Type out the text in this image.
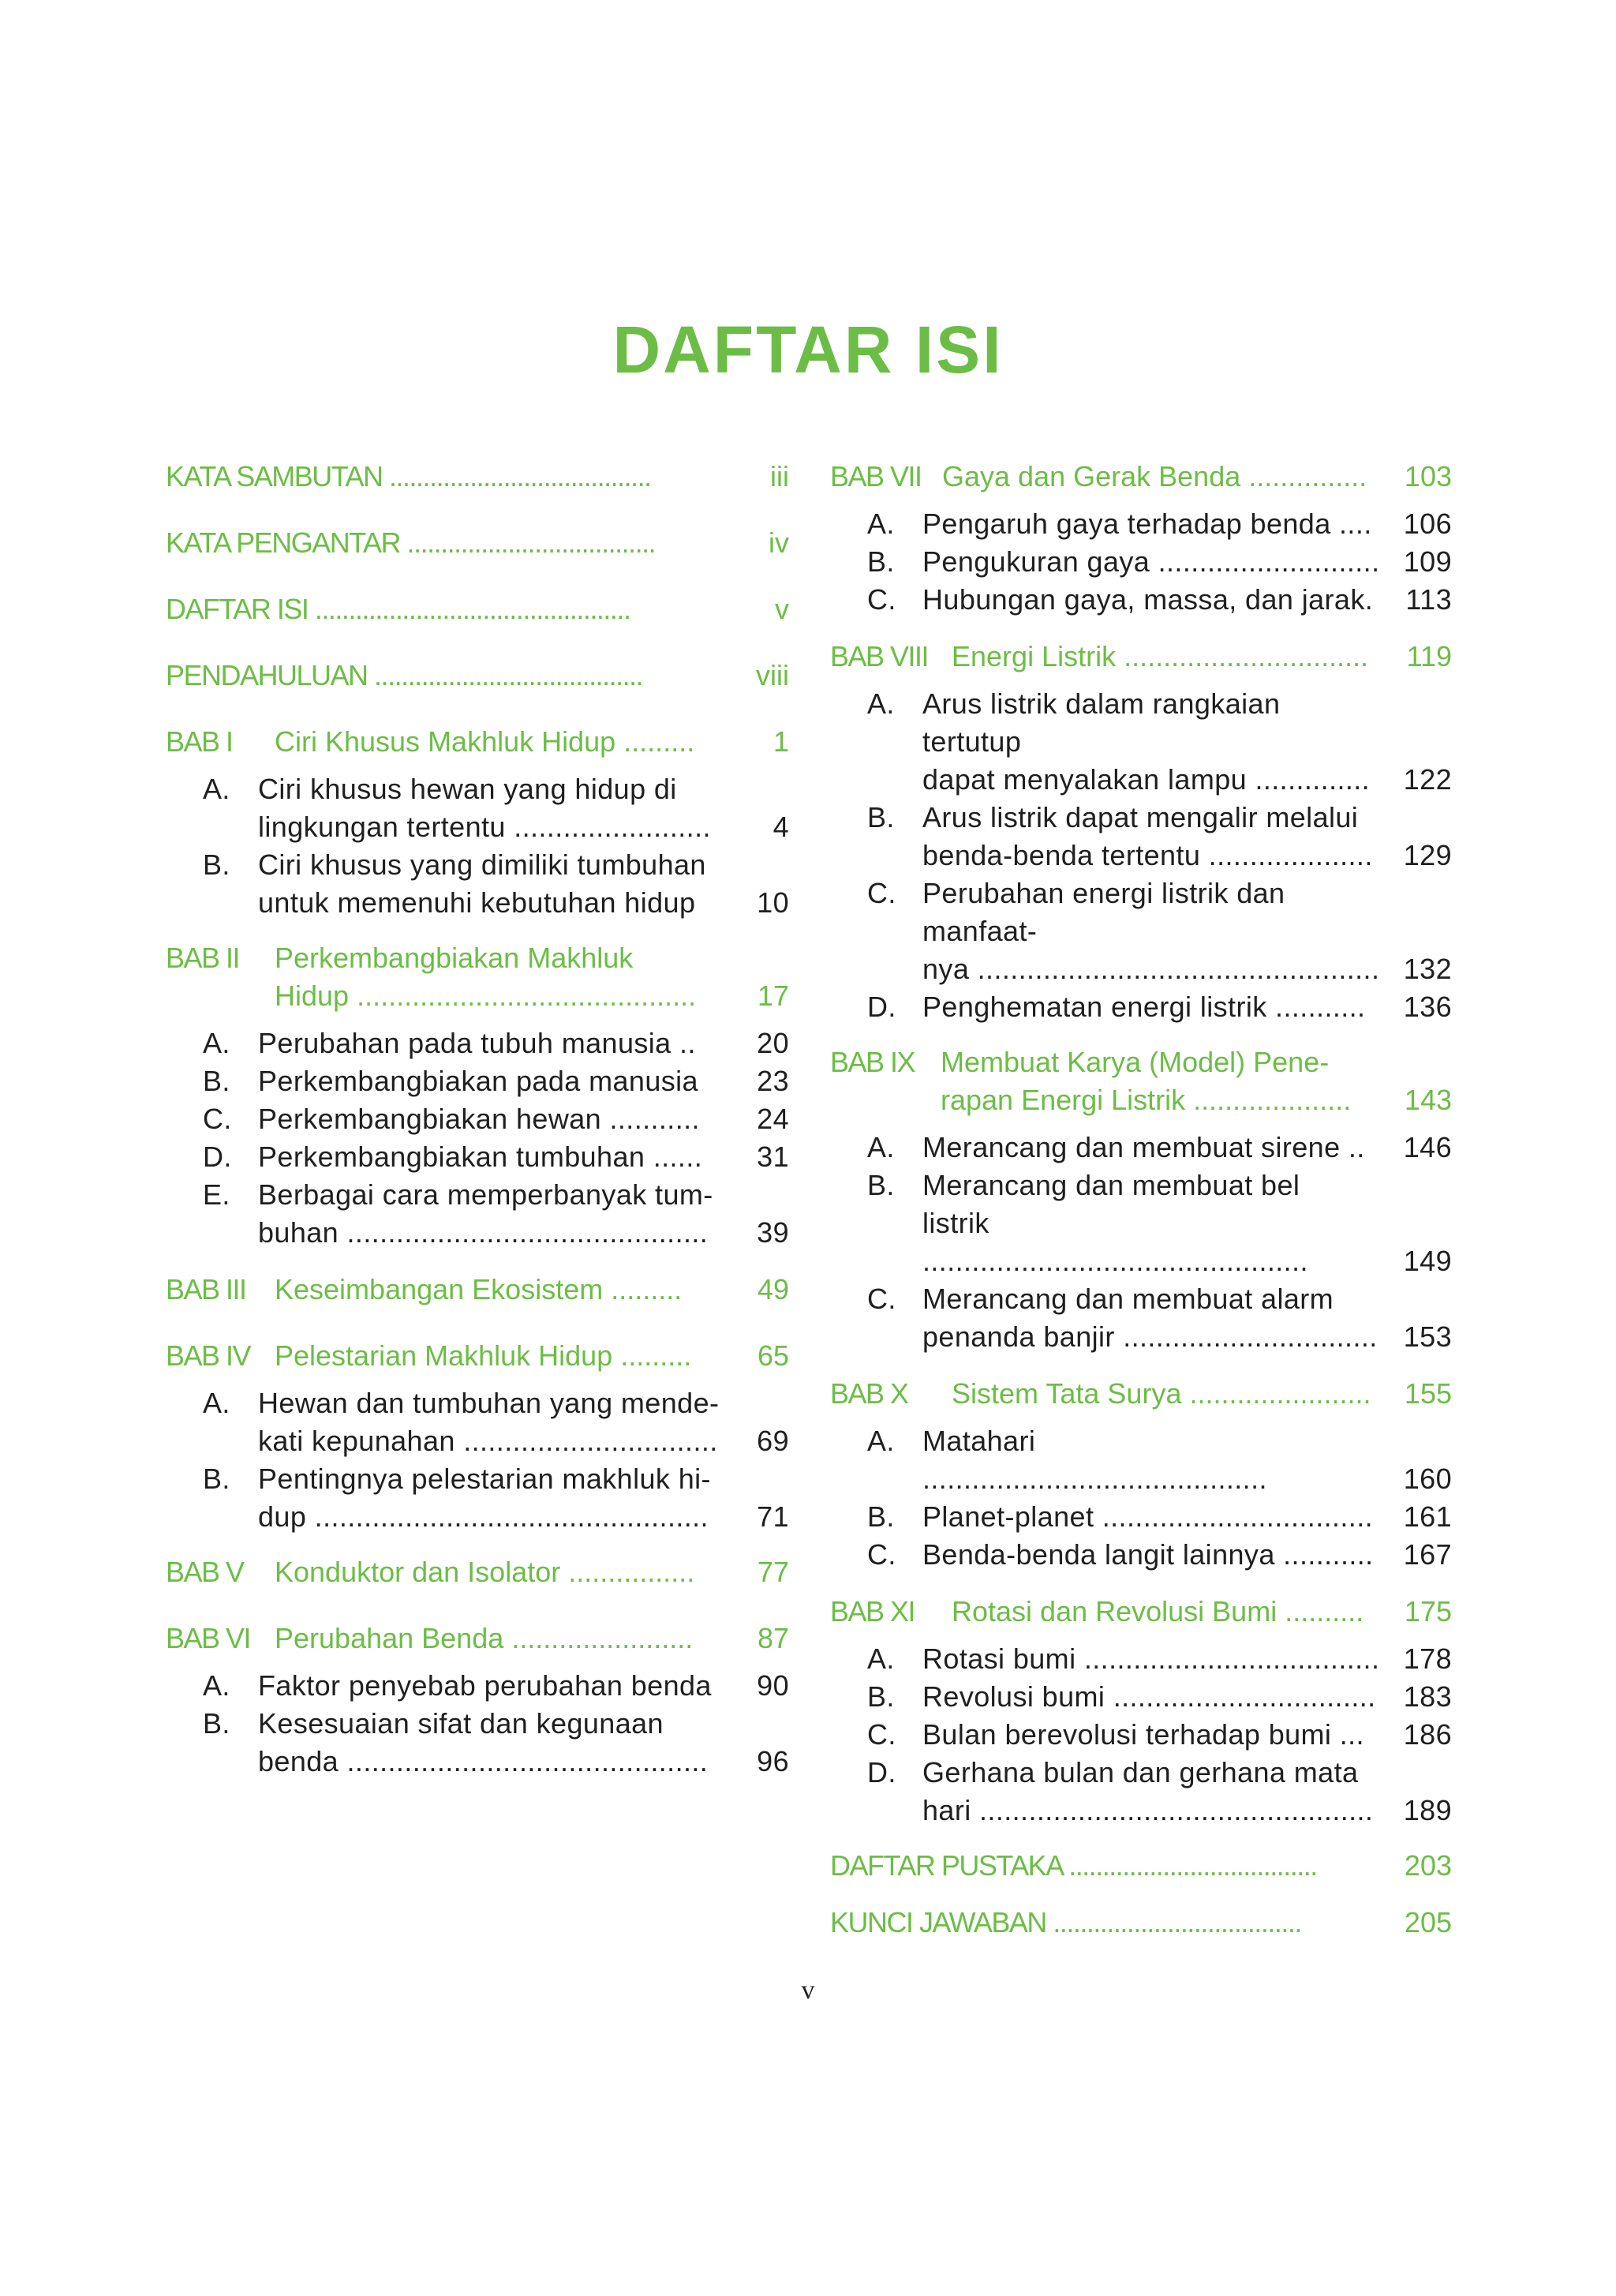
DAFTAR ISI
KATA SAMBUTAN .......................................	iii
KATA PENGANTAR .....................................	iv
DAFTAR ISI ...............................................	v
PENDAHULUAN ........................................	viii
BAB I	Ciri Khusus Makhluk Hidup .........	1
A. Ciri khusus hewan yang hidup di
lingkungan tertentu ........................	4
B. Ciri khusus yang dimiliki tumbuhan
untuk memenuhi kebutuhan hidup	10
BAB II	Perkembangbiakan Makhluk
Hidup ...........................................	17
A. Perubahan pada tubuh manusia ..	20
B. Perkembangbiakan pada manusia	23
C. Perkembangbiakan hewan ...........	24
D. Perkembangbiakan tumbuhan ......	31
E. Berbagai cara memperbanyak tum-
buhan ............................................	39
BAB III	Keseimbangan Ekosistem .........	49
BAB IV Pelestarian Makhluk Hidup .........	65
A. Hewan dan tumbuhan yang mende-
kati kepunahan ...............................	69
B. Pentingnya pelestarian makhluk hi-
dup ................................................	71
BAB V	Konduktor dan Isolator ................	77
BAB VI Perubahan Benda .......................	87
A. Faktor penyebab perubahan benda	90
B. Kesesuaian sifat dan kegunaan
benda ............................................	96
BAB VII Gaya dan Gerak Benda ...............	103
A. Pengaruh gaya terhadap benda ....	106
B. Pengukuran gaya ........................... 109
C. Hubungan gaya, massa, dan jarak.	113
BAB VIII Energi Listrik ...............................	119
A. Arus listrik dalam rangkaian tertutup
dapat menyalakan lampu ..............	122
B. Arus listrik dapat mengalir melalui
benda-benda tertentu ....................	129
C. Perubahan energi listrik dan manfaat-
nya ................................................. 132
D. Penghematan energi listrik ...........	136
BAB IX Membuat Karya (Model) Pene-
rapan Energi Listrik ....................	143
A. Merancang dan membuat sirene ..	146
B. Merancang dan membuat bel
listrik ...............................................	149
C. Merancang dan membuat alarm
penanda banjir ............................... 153
BAB X	Sistem Tata Surya .......................	155
A. Matahari ..........................................	160
B. Planet-planet .................................	161
C. Benda-benda langit lainnya ...........	167
BAB XI	Rotasi dan Revolusi Bumi ..........	175
A. Rotasi bumi .................................... 178
B. Revolusi bumi ................................ 183
C. Bulan berevolusi terhadap bumi ...	186
D. Gerhana bulan dan gerhana mata
hari ................................................	189
DAFTAR PUSTAKA .....................................	203
KUNCI JAWABAN .....................................	205
v
